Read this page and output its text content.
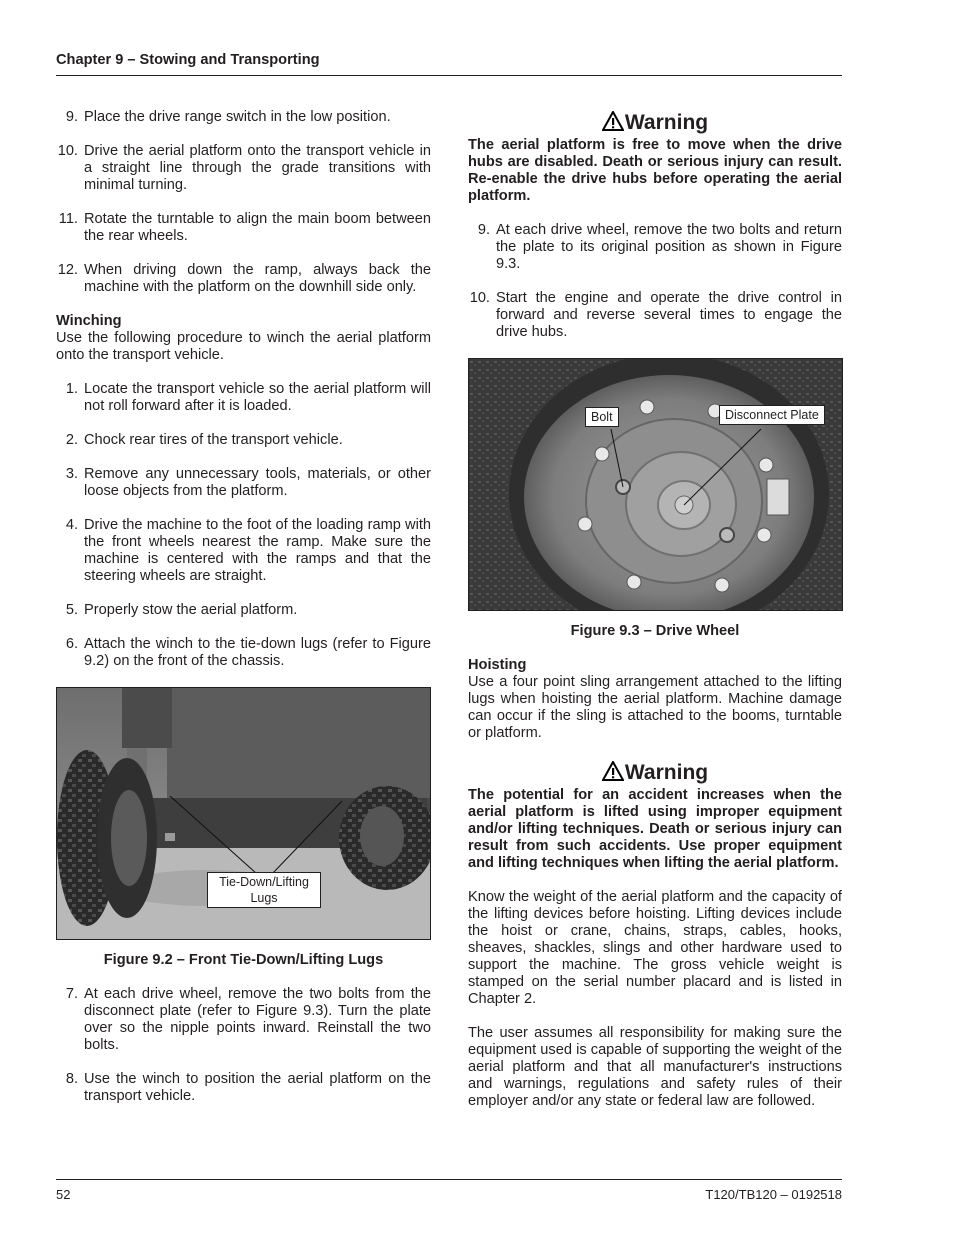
Chapter 9 – Stowing and Transporting
9. Place the drive range switch in the low position.
10. Drive the aerial platform onto the transport vehicle in a straight line through the grade transitions with minimal turning.
11. Rotate the turntable to align the main boom between the rear wheels.
12. When driving down the ramp, always back the machine with the platform on the downhill side only.
Winching

Use the following procedure to winch the aerial platform onto the transport vehicle.

1. Locate the transport vehicle so the aerial platform will not roll forward after it is loaded.
2. Chock rear tires of the transport vehicle.
3. Remove any unnecessary tools, materials, or other loose objects from the platform.
4. Drive the machine to the foot of the loading ramp with the front wheels nearest the ramp. Make sure the machine is centered with the ramps and that the steering wheels are straight.
5. Properly stow the aerial platform.
6. Attach the winch to the tie-down lugs (refer to Figure 9.2) on the front of the chassis.
Tie-Down/Lifting
Lugs
Figure 9.2 – Front Tie-Down/Lifting Lugs
7. At each drive wheel, remove the two bolts from the disconnect plate (refer to Figure 9.3). Turn the plate over so the nipple points inward. Reinstall the two bolts.
8. Use the winch to position the aerial platform on the transport vehicle.
Warning
The aerial platform is free to move when the drive hubs are disabled. Death or serious injury can result. Re-enable the drive hubs before operating the aerial platform.
9. At each drive wheel, remove the two bolts and return the plate to its original position as shown in Figure 9.3.
10. Start the engine and operate the drive control in forward and reverse several times to engage the drive hubs.
Bolt	Disconnect Plate
Figure 9.3 – Drive Wheel
Hoisting

Use a four point sling arrangement attached to the lifting lugs when hoisting the aerial platform. Machine damage can occur if the sling is attached to the booms, turntable or platform.

Warning
The potential for an accident increases when the aerial platform is lifted using improper equipment and/or lifting techniques. Death or serious injury can result from such accidents. Use proper equipment and lifting techniques when lifting the aerial platform.

Know the weight of the aerial platform and the capacity of the lifting devices before hoisting. Lifting devices include the hoist or crane, chains, straps, cables, hooks, sheaves, shackles, slings and other hardware used to support the machine. The gross vehicle weight is stamped on the serial number placard and is listed in Chapter 2.

The user assumes all responsibility for making sure the equipment used is capable of supporting the weight of the aerial platform and that all manufacturer's instructions and warnings, regulations and safety rules of their employer and/or any state or federal law are followed.

52	T120/TB120 – 0192518
